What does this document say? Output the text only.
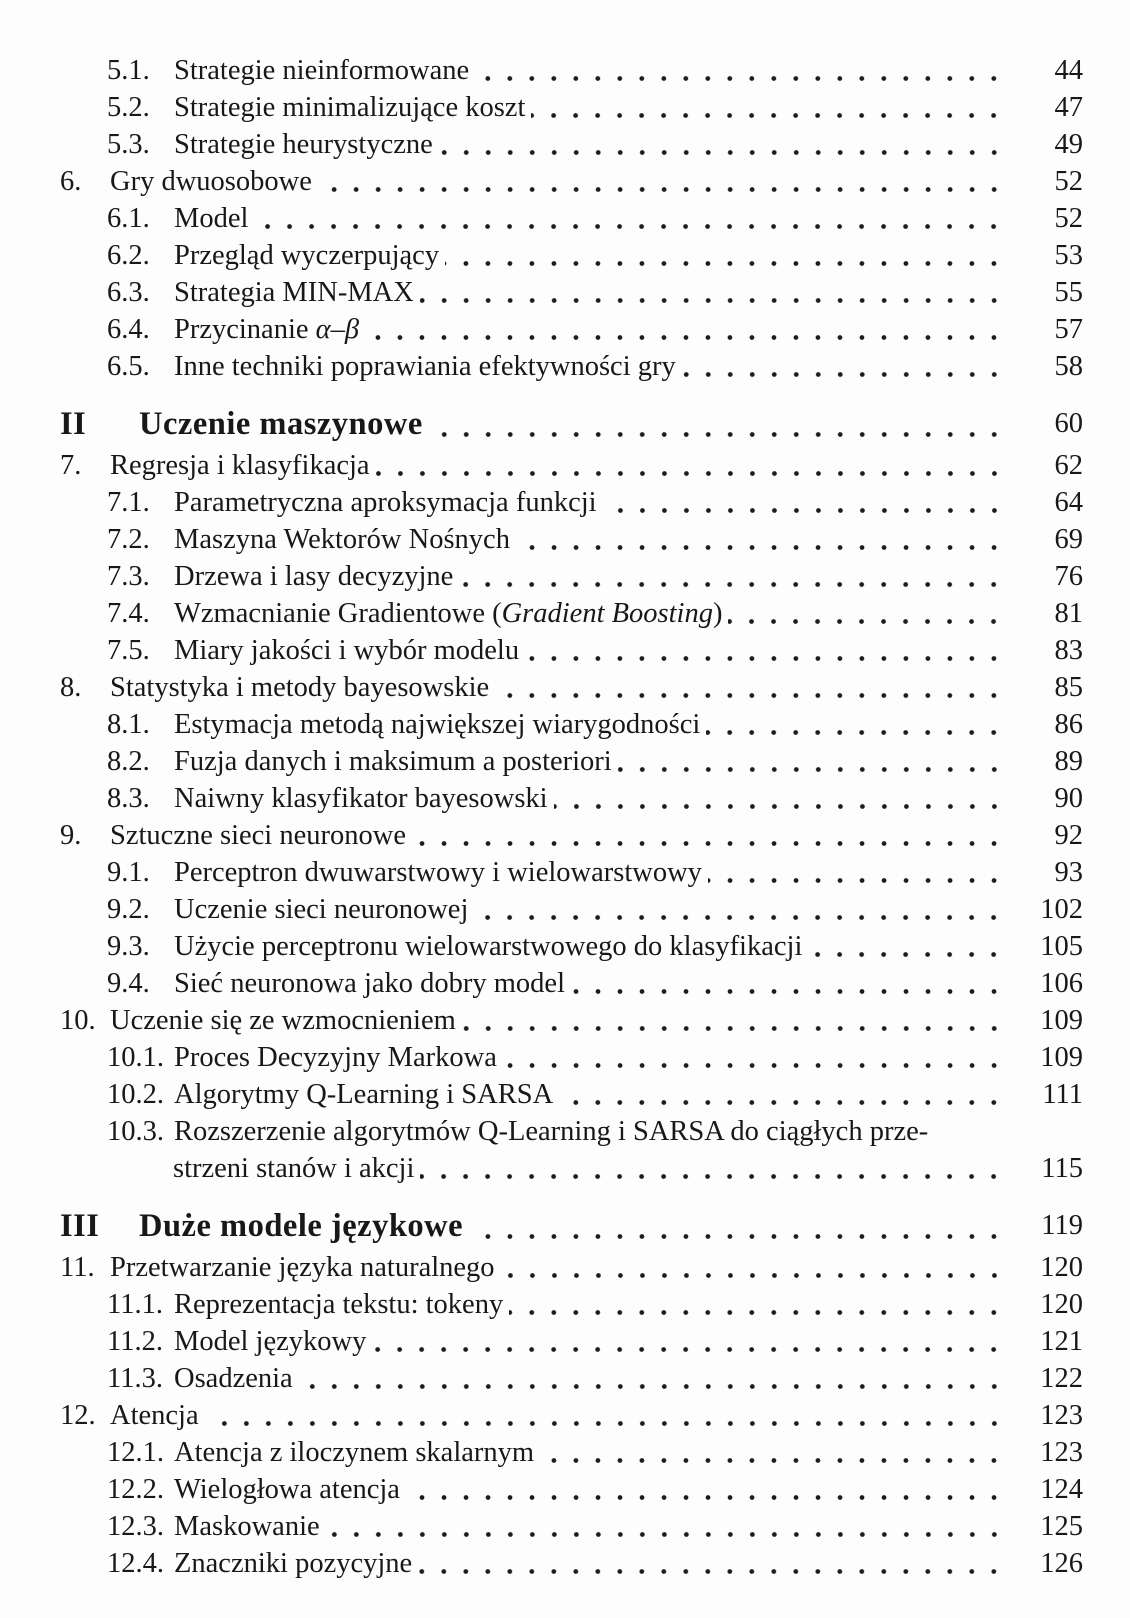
5.1. Strategie nieinformowane	44
5.2. Strategie minimalizujące koszt	47
5.3. Strategie heurystyczne	49
6.	Gry dwuosobowe	52
6.1. Model	52
6.2. Przegląd wyczerpujący	53
6.3. Strategia MIN-MAX	55
6.4. Przycinanie α–β	57
6.5. Inne techniki poprawiania efektywności gry	58
II	Uczenie maszynowe	60
7.	Regresja i klasyfikacja	62
7.1. Parametryczna aproksymacja funkcji	64
7.2. Maszyna Wektorów Nośnych	69
7.3. Drzewa i lasy decyzyjne	76
7.4. Wzmacnianie Gradientowe (Gradient Boosting)	81
7.5. Miary jakości i wybór modelu	83
8.	Statystyka i metody bayesowskie	85
8.1. Estymacja metodą największej wiarygodności	86
8.2. Fuzja danych i maksimum a posteriori	89
8.3. Naiwny klasyfikator bayesowski	90
9.	Sztuczne sieci neuronowe	92
9.1. Perceptron dwuwarstwowy i wielowarstwowy	93
9.2. Uczenie sieci neuronowej	102
9.3. Użycie perceptronu wielowarstwowego do klasyfikacji	105
9.4. Sieć neuronowa jako dobry model	106
10. Uczenie się ze wzmocnieniem	109
10.1. Proces Decyzyjny Markowa	109
10.2. Algorytmy Q-Learning i SARSA	111
10.3. Rozszerzenie algorytmów Q-Learning i SARSA do ciągłych prze-
strzeni stanów i akcji	115
III	Duże modele językowe	119
11. Przetwarzanie języka naturalnego	120
11.1. Reprezentacja tekstu: tokeny	120
11.2. Model językowy	121
11.3. Osadzenia	122
12. Atencja	123
12.1. Atencja z iloczynem skalarnym	123
12.2. Wielogłowa atencja	124
12.3. Maskowanie	125
12.4. Znaczniki pozycyjne	126
